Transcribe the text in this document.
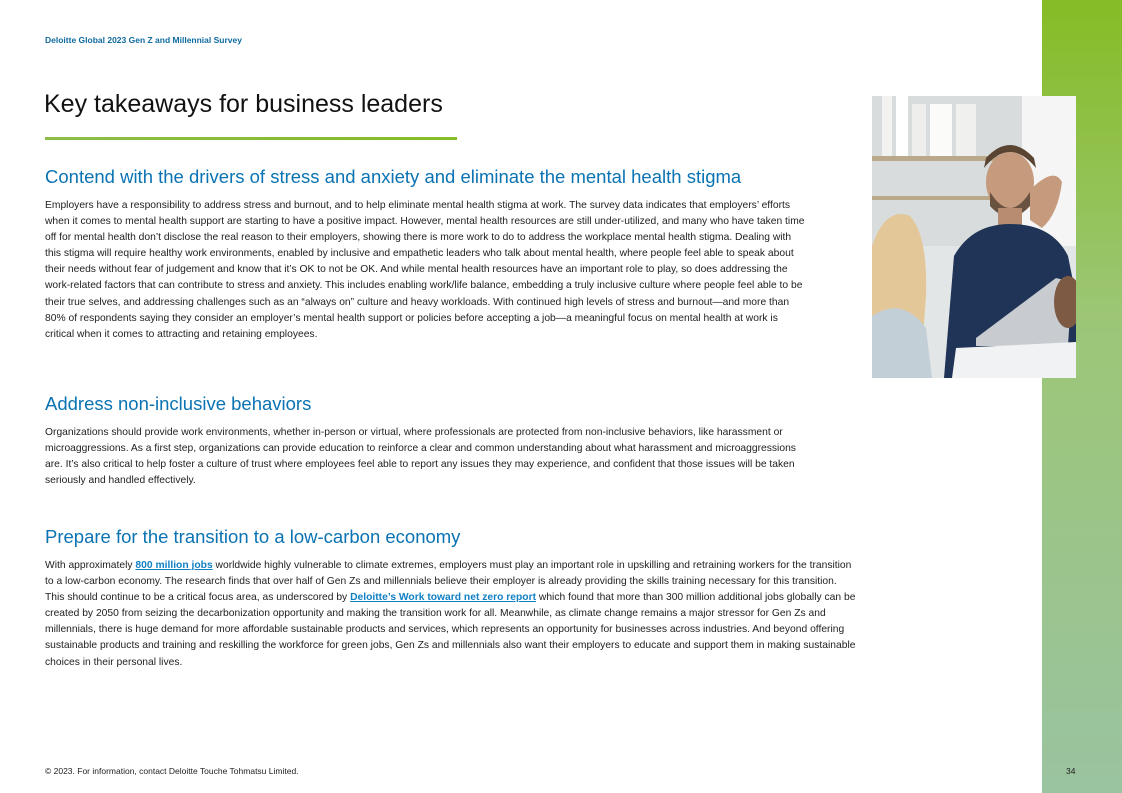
Deloitte Global 2023 Gen Z and Millennial Survey
Key takeaways for business leaders
Contend with the drivers of stress and anxiety and eliminate the mental health stigma

Employers have a responsibility to address stress and burnout, and to help eliminate mental health stigma at work. The survey data indicates that employers’ efforts when it comes to mental health support are starting to have a positive impact. However, mental health resources are still under-utilized, and many who have taken time off for mental health don’t disclose the real reason to their employers, showing there is more work to do to address the workplace mental health stigma. Dealing with this stigma will require healthy work environments, enabled by inclusive and empathetic leaders who talk about mental health, where people feel able to speak about their needs without fear of judgement and know that it’s OK to not be OK. And while mental health resources have an important role to play, so does addressing the work-related factors that can contribute to stress and anxiety. This includes enabling work/life balance, embedding a truly inclusive culture where people feel able to be their true selves, and addressing challenges such as an “always on” culture and heavy workloads. With continued high levels of stress and burnout—and more than 80% of respondents saying they consider an employer’s mental health support or policies before accepting a job—a meaningful focus on mental health at work is critical when it comes to attracting and retaining employees.

Address non-inclusive behaviors

Organizations should provide work environments, whether in-person or virtual, where professionals are protected from non-inclusive behaviors, like harassment or microaggressions. As a first step, organizations can provide education to reinforce a clear and common understanding about what harassment and microaggressions are. It’s also critical to help foster a culture of trust where employees feel able to report any issues they may experience, and confident that those issues will be taken seriously and handled effectively.

Prepare for the transition to a low-carbon economy

With approximately 800 million jobs worldwide highly vulnerable to climate extremes, employers must play an important role in upskilling and retraining workers for the transition to a low-carbon economy. The research finds that over half of Gen Zs and millennials believe their employer is already providing the skills training necessary for this transition. This should continue to be a critical focus area, as underscored by Deloitte’s Work toward net zero report which found that more than 300 million additional jobs globally can be created by 2050 from seizing the decarbonization opportunity and making the transition work for all. Meanwhile, as climate change remains a major stressor for Gen Zs and millennials, there is huge demand for more affordable sustainable products and services, which represents an opportunity for businesses across industries. And beyond offering sustainable products and training and reskilling the workforce for green jobs, Gen Zs and millennials also want their employers to educate and support them in making sustainable choices in their personal lives.

© 2023. For information, contact Deloitte Touche Tohmatsu Limited.	34
